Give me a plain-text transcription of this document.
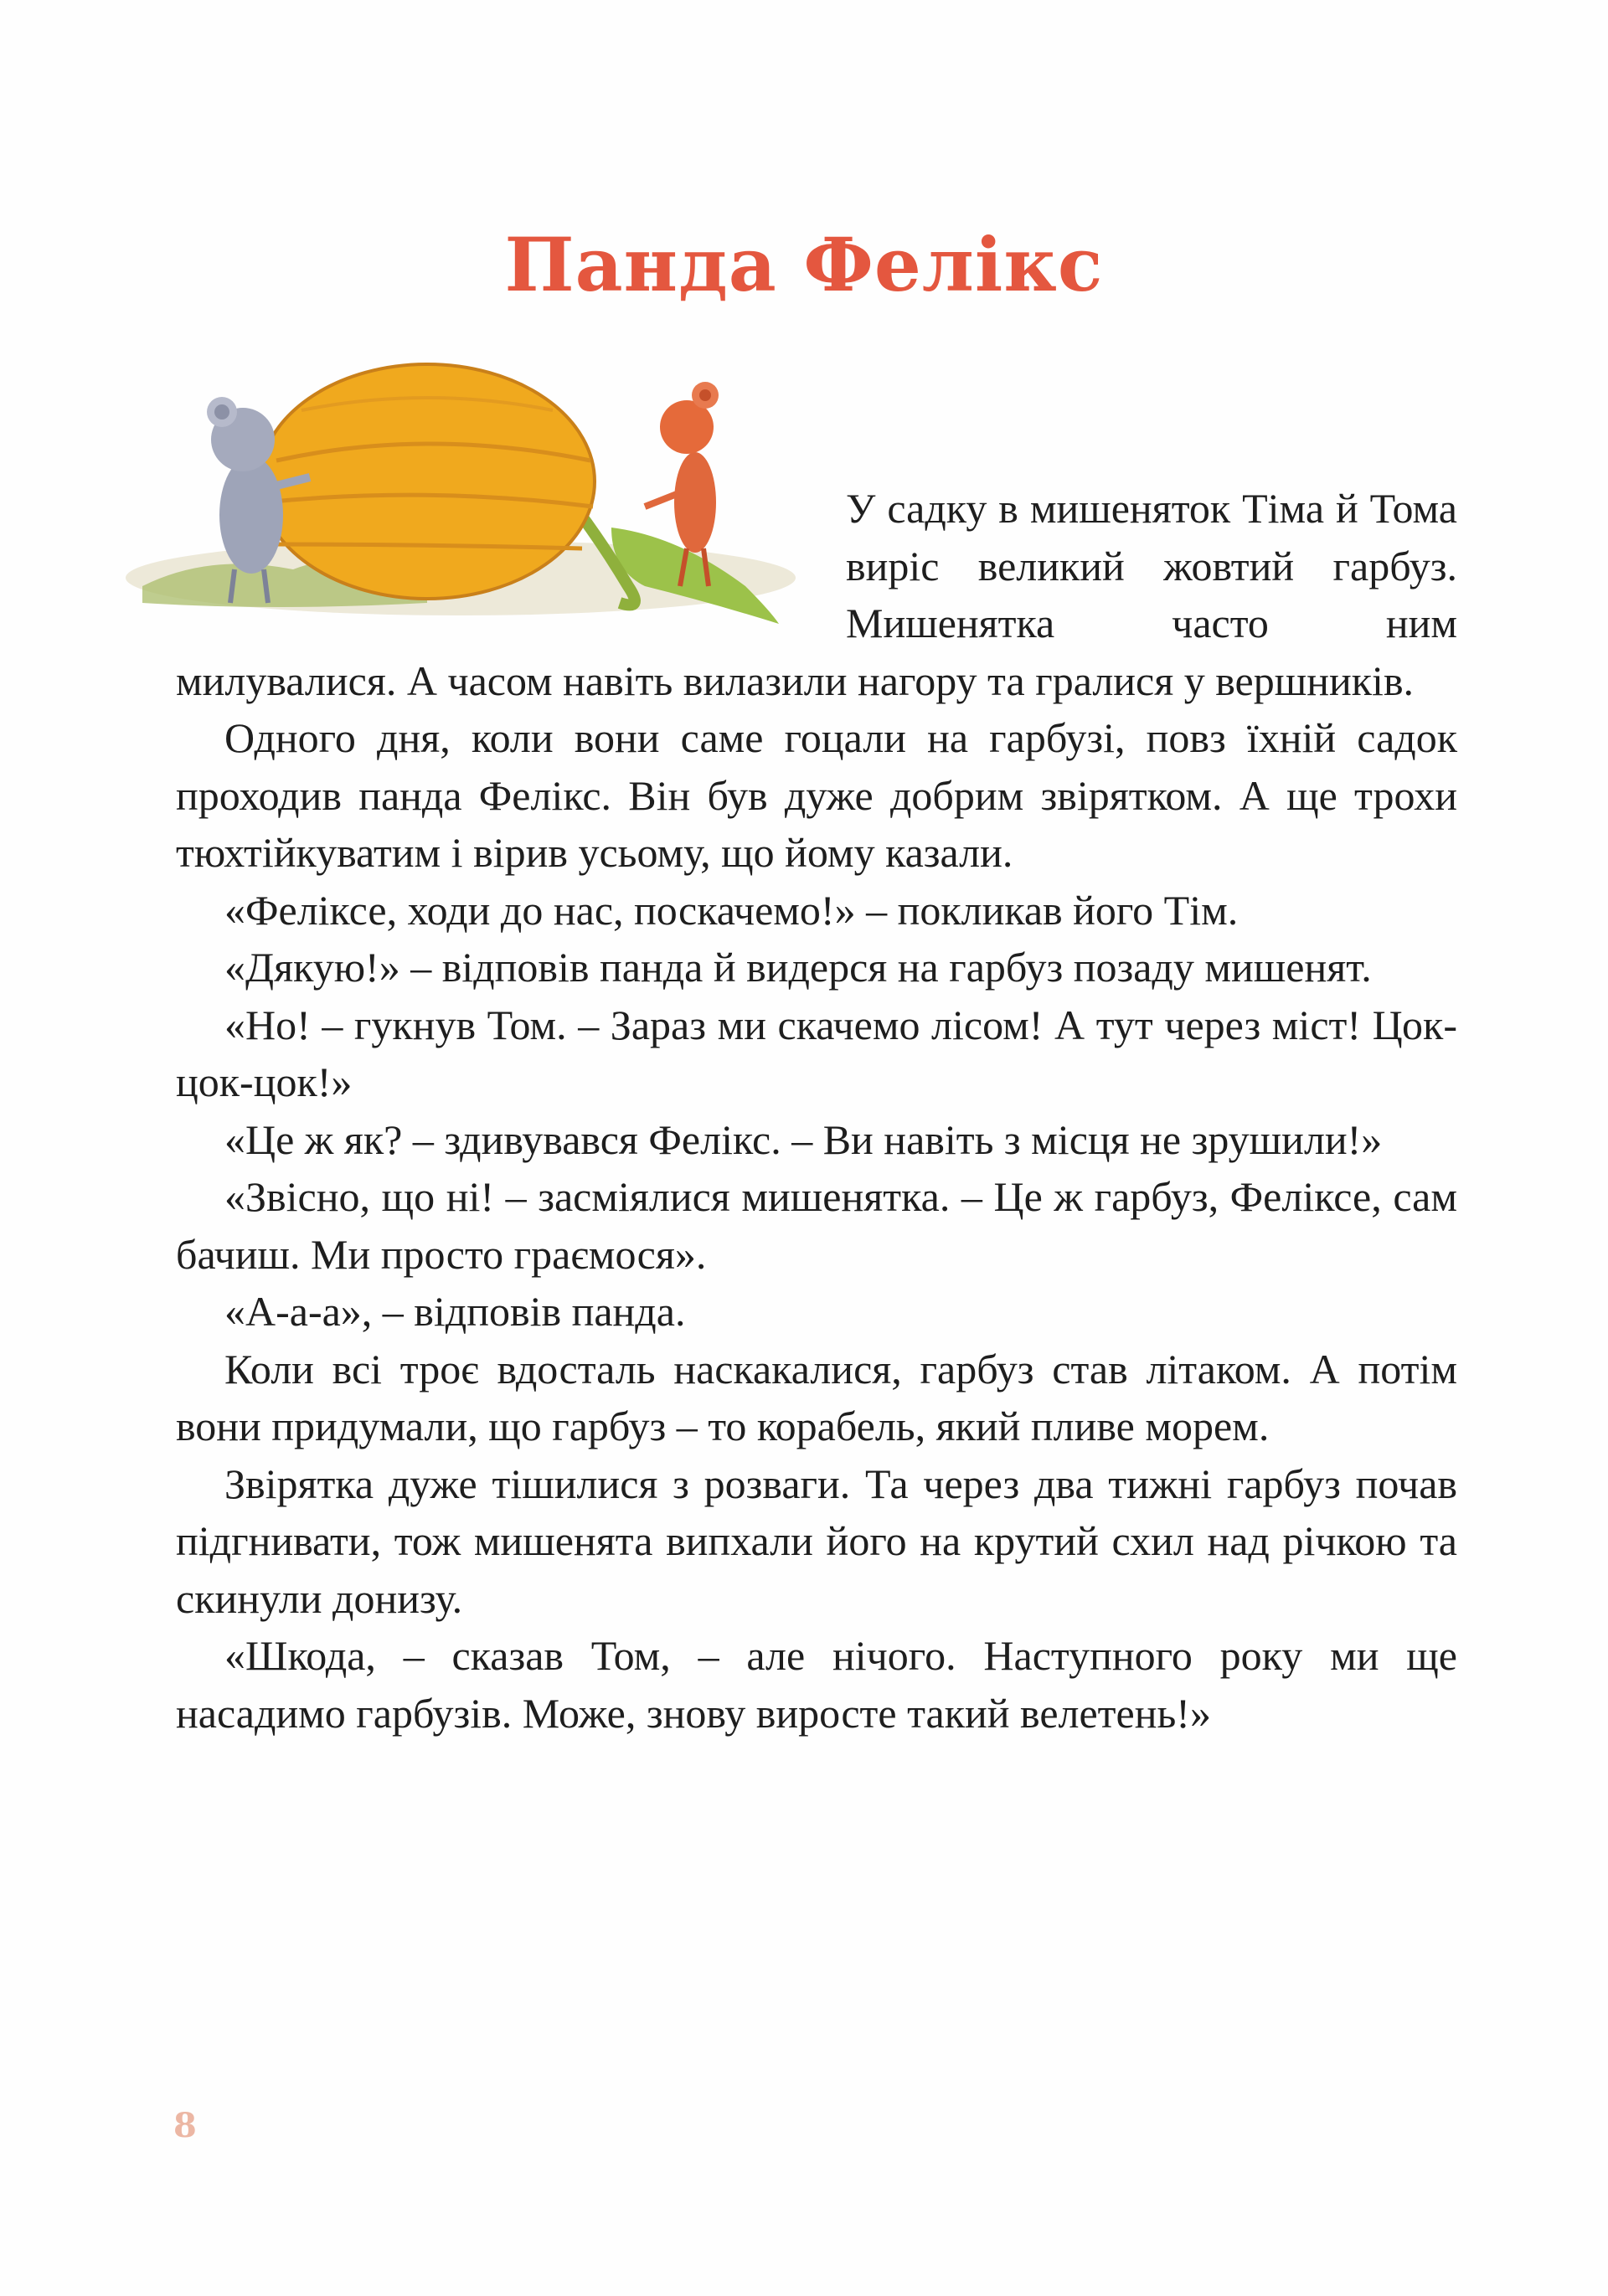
Панда Фелікс

У садку в мишеняток Тіма й Тома виріс великий жовтий гарбуз. Мишенятка часто ним милувалися. А часом навіть вилазили нагору та гралися у вершників.

Одного дня, коли вони саме гоцали на гарбузі, повз їхній садок проходив панда Фелікс. Він був дуже добрим звірятком. А ще трохи тюхтійкуватим і вірив усьому, що йому казали.

«Феліксе, ходи до нас, поскачемо!» – покликав його Тім.

«Дякую!» – відповів панда й видерся на гарбуз позаду мишенят.

«Но! – гукнув Том. – Зараз ми скачемо лісом! А тут через міст! Цок-цок-цок!»

«Це ж як? – здивувався Фелікс. – Ви навіть з місця не зрушили!»

«Звісно, що ні! – засміялися мишенятка. – Це ж гарбуз, Феліксе, сам бачиш. Ми просто граємося».

«А-а-а», – відповів панда.

Коли всі троє вдосталь наскакалися, гарбуз став літаком. А потім вони придумали, що гарбуз – то корабель, який пливе морем.

Звірятка дуже тішилися з розваги. Та через два тижні гарбуз почав підгнивати, тож мишенята випхали його на крутий схил над річкою та скинули донизу.

«Шкода, – сказав Том, – але нічого. Наступного року ми ще насадимо гарбузів. Може, знову виросте такий велетень!»

8
